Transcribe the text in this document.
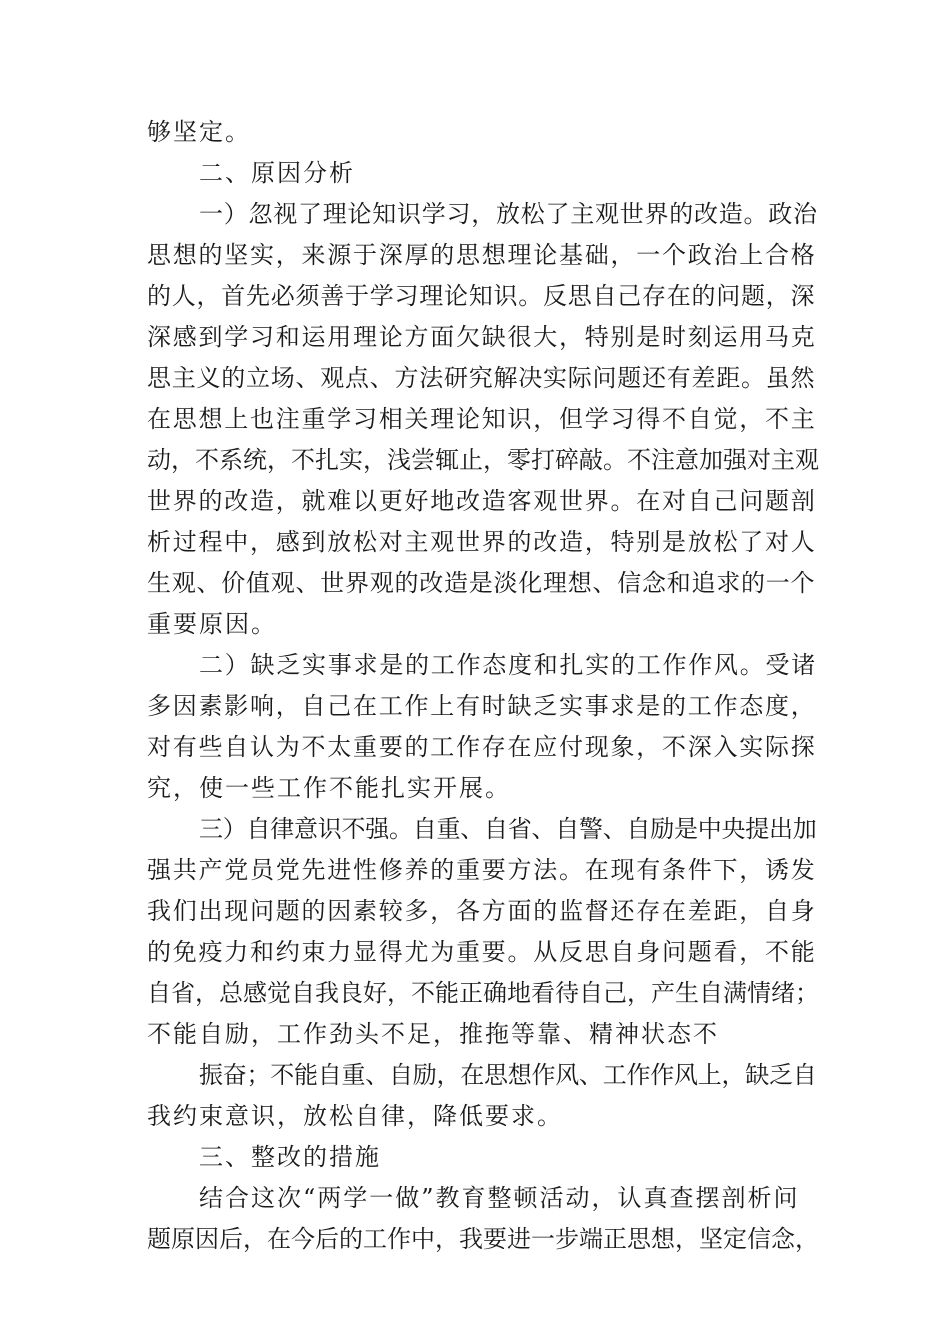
够坚定。
二、原因分析
一）忽视了理论知识学习，放松了主观世界的改造。政治
思想的坚实，来源于深厚的思想理论基础，一个政治上合格
的人，首先必须善于学习理论知识。反思自己存在的问题，深
深感到学习和运用理论方面欠缺很大，特别是时刻运用马克
思主义的立场、观点、方法研究解决实际问题还有差距。虽然
在思想上也注重学习相关理论知识，但学习得不自觉，不主
动，不系统，不扎实，浅尝辄止，零打碎敲。不注意加强对主观
世界的改造，就难以更好地改造客观世界。在对自己问题剖
析过程中，感到放松对主观世界的改造，特别是放松了对人
生观、价值观、世界观的改造是淡化理想、信念和追求的一个
重要原因。
二）缺乏实事求是的工作态度和扎实的工作作风。受诸
多因素影响，自己在工作上有时缺乏实事求是的工作态度，
对有些自认为不太重要的工作存在应付现象，不深入实际探
究，使一些工作不能扎实开展。
三）自律意识不强。自重、自省、自警、自励是中央提出加
强共产党员党先进性修养的重要方法。在现有条件下，诱发
我们出现问题的因素较多，各方面的监督还存在差距，自身
的免疫力和约束力显得尤为重要。从反思自身问题看，不能
自省，总感觉自我良好，不能正确地看待自己，产生自满情绪；
不能自励，工作劲头不足，推拖等靠、精神状态不
振奋；不能自重、自励，在思想作风、工作作风上，缺乏自
我约束意识，放松自律，降低要求。
三、整改的措施
结合这次“两学一做”教育整顿活动，认真查摆剖析问
题原因后，在今后的工作中，我要进一步端正思想，坚定信念，
